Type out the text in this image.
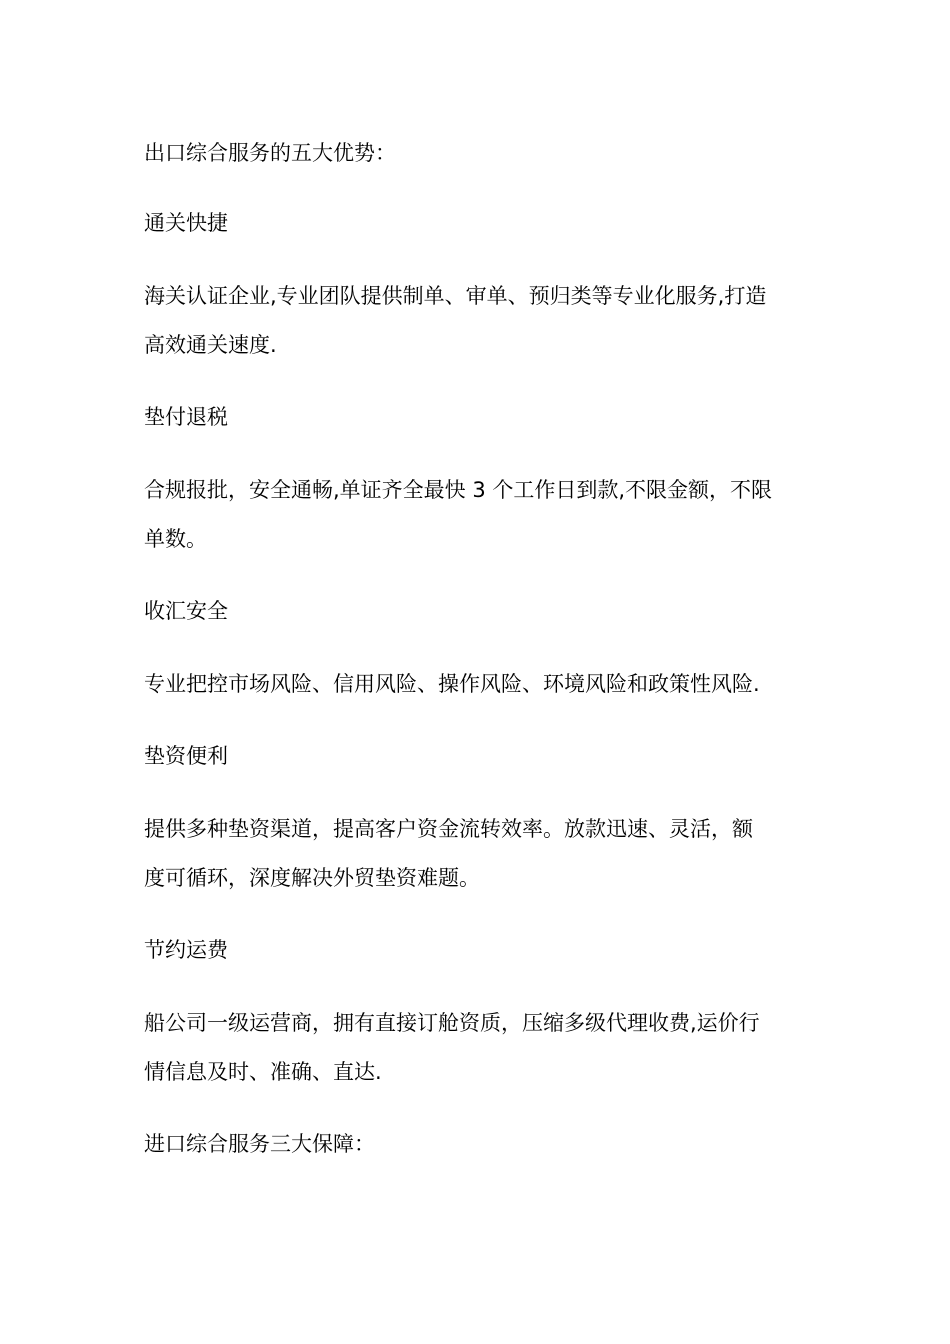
出口综合服务的五大优势：
通关快捷
海关认证企业,专业团队提供制单、审单、预归类等专业化服务,打造
高效通关速度.
垫付退税
合规报批，安全通畅,单证齐全最快 3 个工作日到款,不限金额，不限
单数。
收汇安全
专业把控市场风险、信用风险、操作风险、环境风险和政策性风险.
垫资便利
提供多种垫资渠道，提高客户资金流转效率。放款迅速、灵活，额
度可循环，深度解决外贸垫资难题。
节约运费
船公司一级运营商，拥有直接订舱资质，压缩多级代理收费,运价行
情信息及时、准确、直达.
进口综合服务三大保障：
